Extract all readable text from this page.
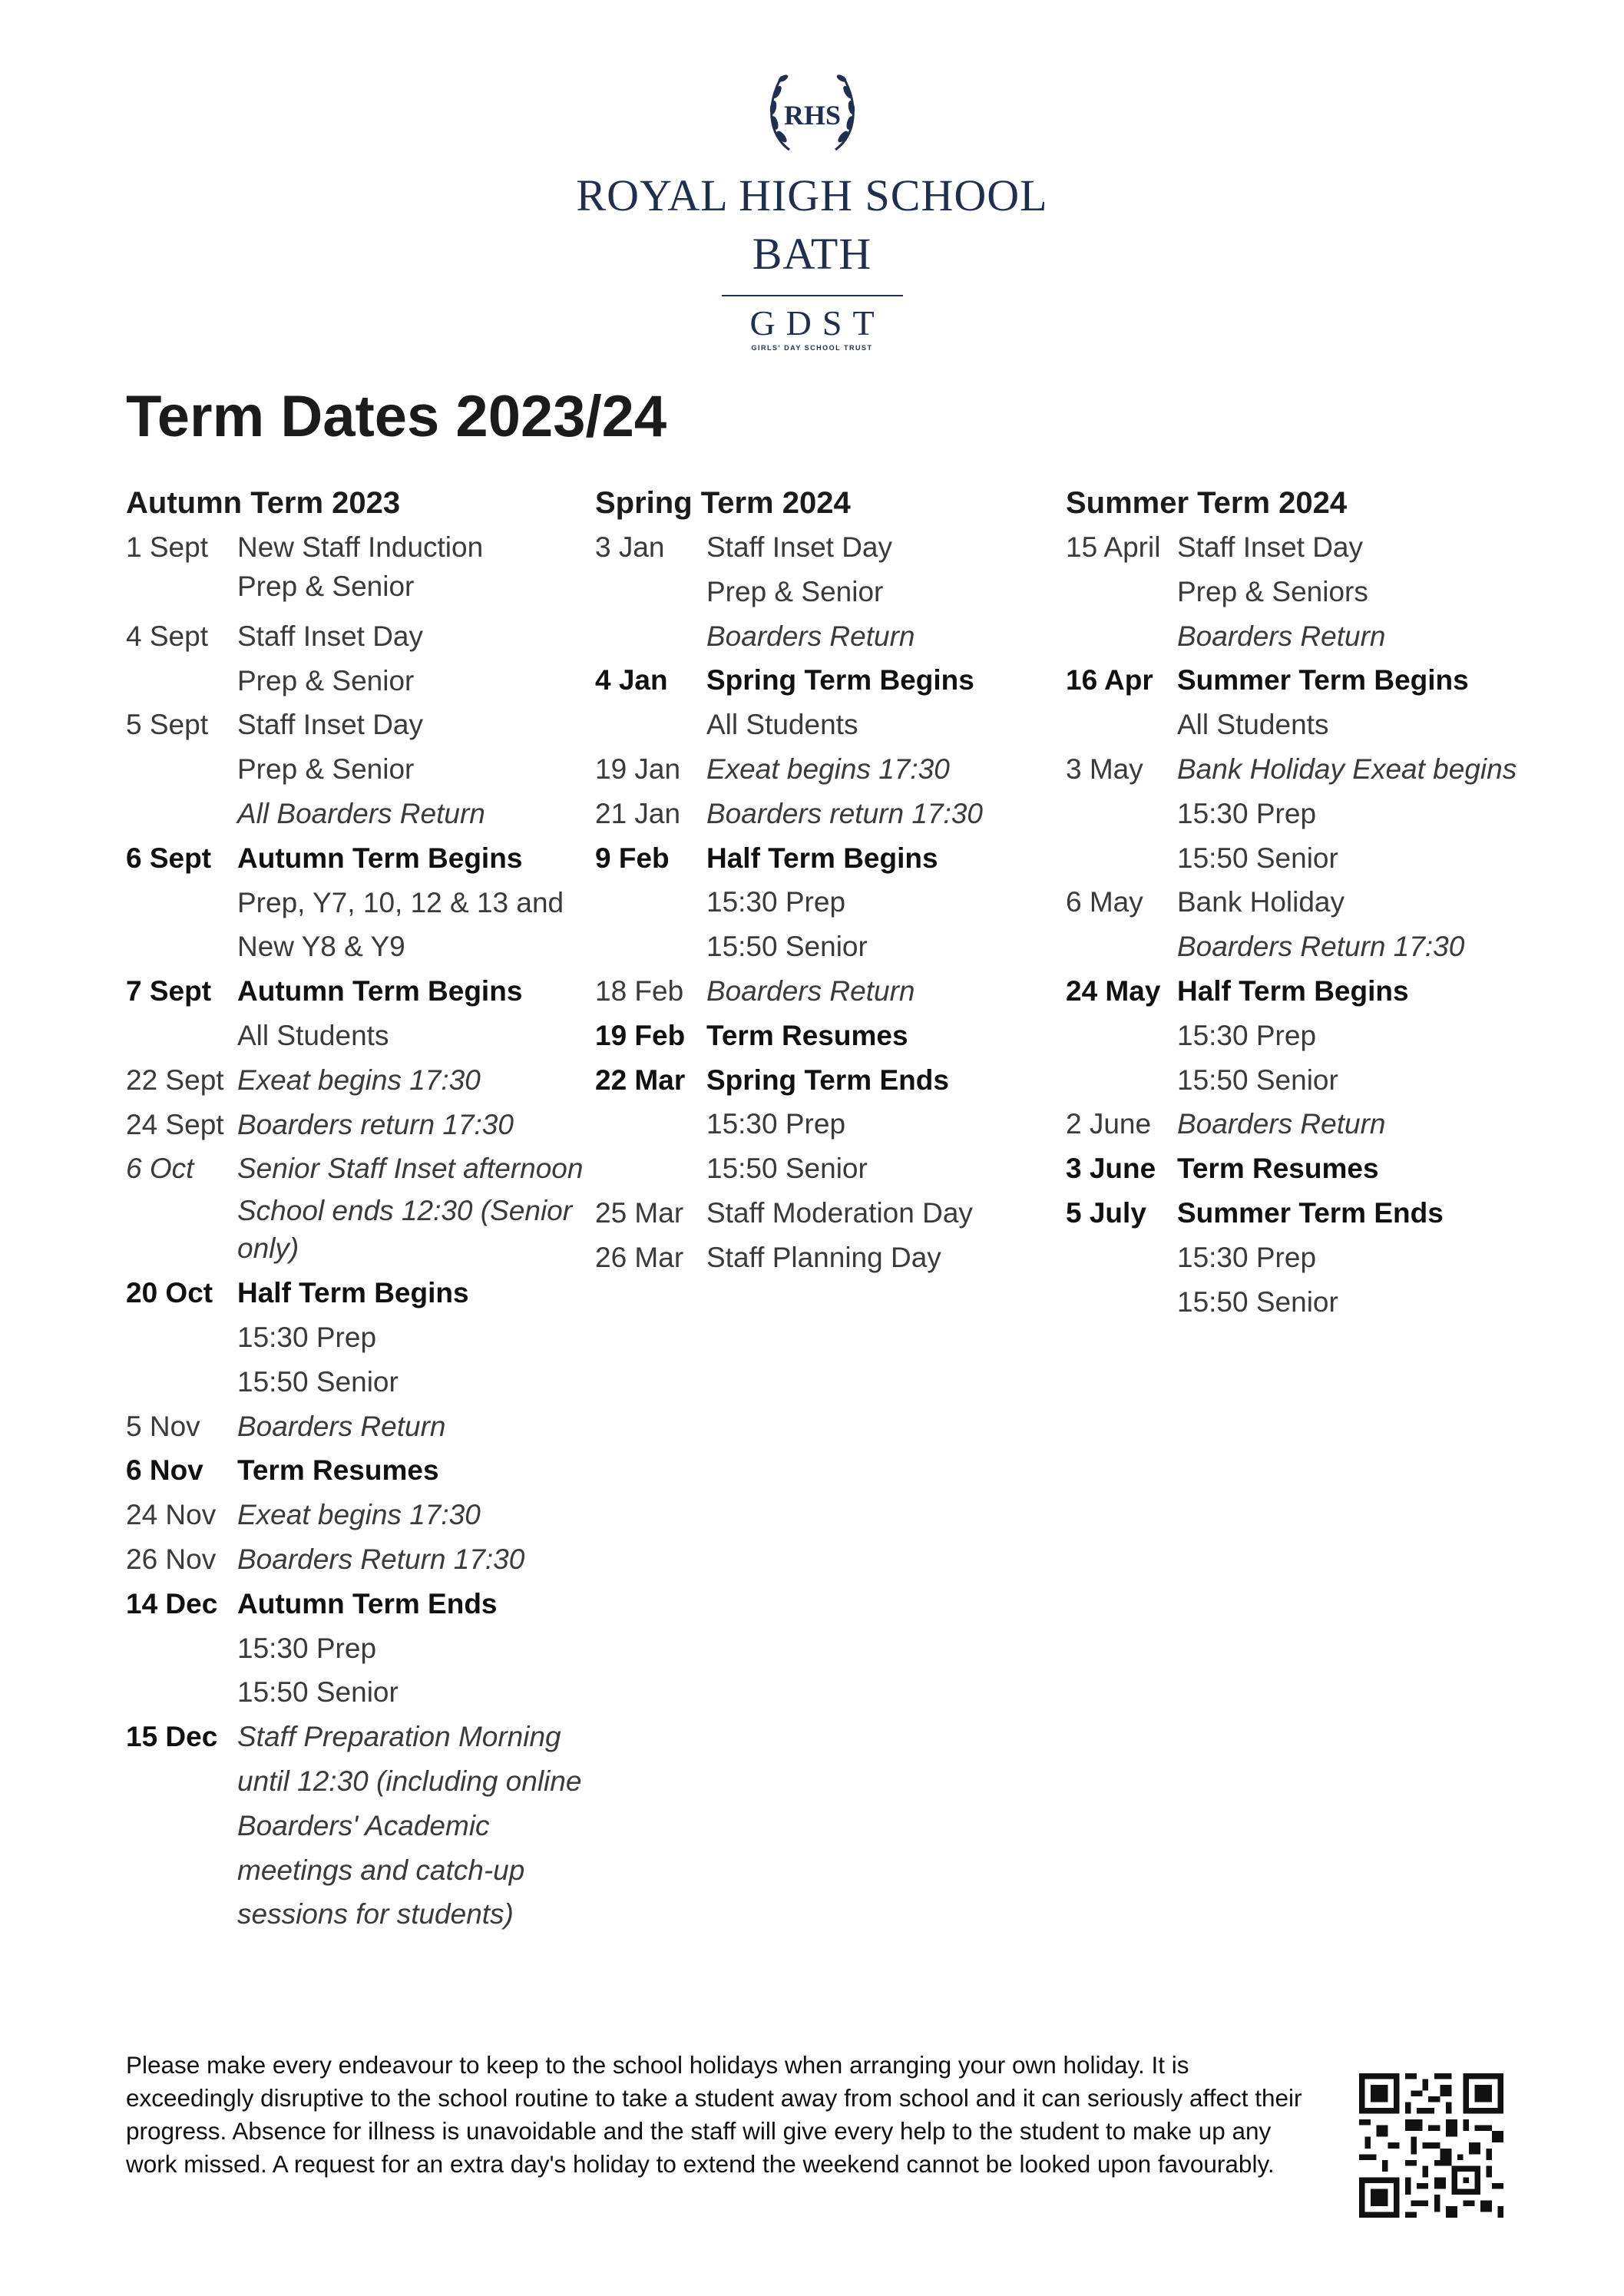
RHS
ROYAL HIGH SCHOOL
BATH
GDST
GIRLS' DAY SCHOOL TRUST
Term Dates 2023/24
Autumn Term 2023
1 Sept	New Staff Induction
Prep & Senior
4 Sept	Staff Inset Day
Prep & Senior
5 Sept	Staff Inset Day
Prep & Senior
All Boarders Return
6 Sept Autumn Term Begins
Prep, Y7, 10, 12 & 13 and
New Y8 & Y9
7 Sept Autumn Term Begins
All Students
22 Sept Exeat begins 17:30
24 Sept Boarders return 17:30
6 Oct	Senior Staff Inset afternoon
School ends 12:30 (Senior
only)
20 Oct Half Term Begins
15:30 Prep
15:50 Senior
5 Nov	Boarders Return
6 Nov	Term Resumes
24 Nov Exeat begins 17:30
26 Nov Boarders Return 17:30
14 Dec Autumn Term Ends
15:30 Prep
15:50 Senior
15 Dec Staff Preparation Morning
until 12:30 (including online
Boarders' Academic
meetings and catch-up
sessions for students)
Spring Term 2024
3 Jan	Staff Inset Day
Prep & Senior
Boarders Return
4 Jan	Spring Term Begins
All Students
19 Jan Exeat begins 17:30
21 Jan Boarders return 17:30
9 Feb	Half Term Begins
15:30 Prep
15:50 Senior
18 Feb Boarders Return
19 Feb Term Resumes
22 Mar Spring Term Ends
15:30 Prep
15:50 Senior
25 Mar Staff Moderation Day
26 Mar Staff Planning Day
Summer Term 2024
15 April Staff Inset Day
Prep & Seniors
Boarders Return
16 Apr Summer Term Begins
All Students
3 May	Bank Holiday Exeat begins
15:30 Prep
15:50 Senior
6 May	Bank Holiday
Boarders Return 17:30
24 May Half Term Begins
15:30 Prep
15:50 Senior
2 June Boarders Return
3 June Term Resumes
5 July	Summer Term Ends
15:30 Prep
15:50 Senior

Please make every endeavour to keep to the school holidays when arranging your own holiday. It is exceedingly disruptive to the school routine to take a student away from school and it can seriously affect their progress. Absence for illness is unavoidable and the staff will give every help to the student to make up any work missed. A request for an extra day's holiday to extend the weekend cannot be looked upon favourably.
